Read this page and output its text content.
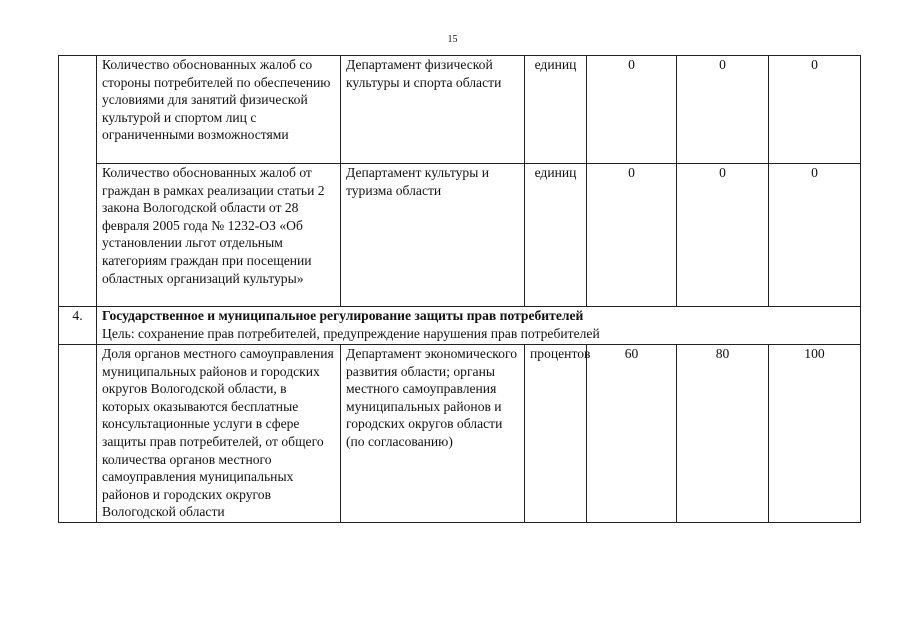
15
	Количество обоснованных жалоб со стороны потребителей по обеспечению условиями для занятий физической культурой и спортом лиц с ограниченными возможностями	Департамент физической культуры и спорта области	единиц	0	0	0
	Количество обоснованных жалоб от граждан в рамках реализации статьи 2 закона Вологодской области от 28 февраля 2005 года № 1232-ОЗ «Об установлении льгот отдельным категориям граждан при посещении областных организаций культуры»	Департамент культуры и туризма области	единиц	0	0	0
4.	Государственное и муниципальное регулирование защиты прав потребителей
Цель: сохранение прав потребителей, предупреждение нарушения прав потребителей					

	Доля органов местного самоуправления муниципальных районов и городских округов Вологодской области, в которых оказываются бесплатные консультационные услуги в сфере защиты прав потребителей, от общего количества органов местного самоуправления муниципальных районов и городских округов Вологодской области	Департамент экономического развития области; органы местного самоуправления муниципальных районов и городских округов области (по согласованию)	процентов	60	80	100
